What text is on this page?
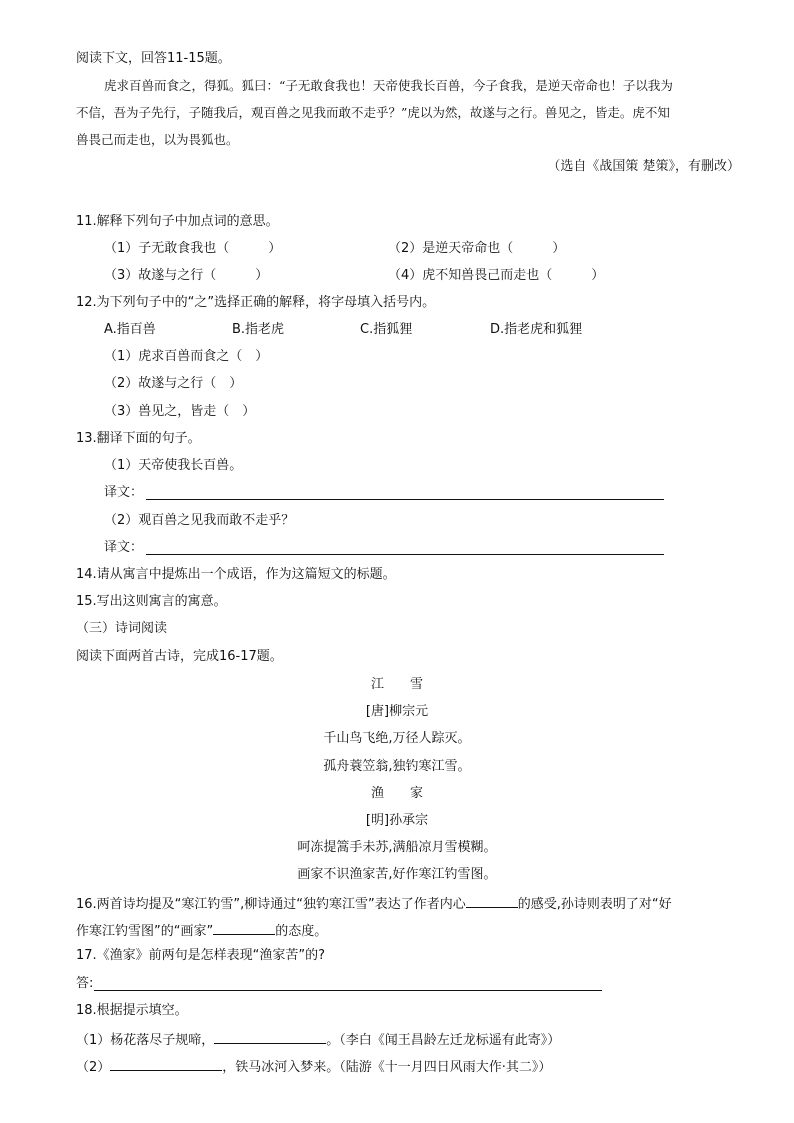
阅读下文，回答11-15题。
虎求百兽而食之，得狐。狐曰：“子无敢食我也！天帝使我长百兽，今子食我，是逆天帝命也！子以我为
不信，吾为子先行，子随我后，观百兽之见我而敢不走乎？”虎以为然，故遂与之行。兽见之，皆走。虎不知
兽畏己而走也，以为畏狐也。
（选自《战国策 楚策》，有删改）
11.解释下列句子中加点词的意思。
（1）子无敢食我也（　　　）	（2）是逆天帝命也（　　　）
（3）故遂与之行（　　　）	（4）虎不知兽畏己而走也（　　　）
12.为下列句子中的“之”选择正确的解释，将字母填入括号内。
A.指百兽	B.指老虎	C.指狐狸	D.指老虎和狐狸
（1）虎求百兽而食之（　）
（2）故遂与之行（　）
（3）兽见之，皆走（　）
13.翻译下面的句子。
（1）天帝使我长百兽。
译文：
（2）观百兽之见我而敢不走乎？
译文：
14.请从寓言中提炼出一个成语，作为这篇短文的标题。
15.写出这则寓言的寓意。
（三）诗词阅读
阅读下面两首古诗，完成16-17题。
江　　雪
[唐]柳宗元
千山鸟飞绝,万径人踪灭。
孤舟蓑笠翁,独钓寒江雪。
渔　　家
[明]孙承宗
呵冻提篙手未苏,满船凉月雪模糊。
画家不识渔家苦,好作寒江钓雪图。
16.两首诗均提及“寒江钓雪”,柳诗通过“独钓寒江雪”表达了作者内心	的感受,孙诗则表明了对“好
作寒江钓雪图”的“画家”	的态度。
17.《渔家》前两句是怎样表现“渔家苦”的?
答:
18.根据提示填空。
（1）杨花落尽子规啼，	。（李白《闻王昌龄左迁龙标遥有此寄》）
（2）	，铁马冰河入梦来。（陆游《十一月四日风雨大作·其二》）
